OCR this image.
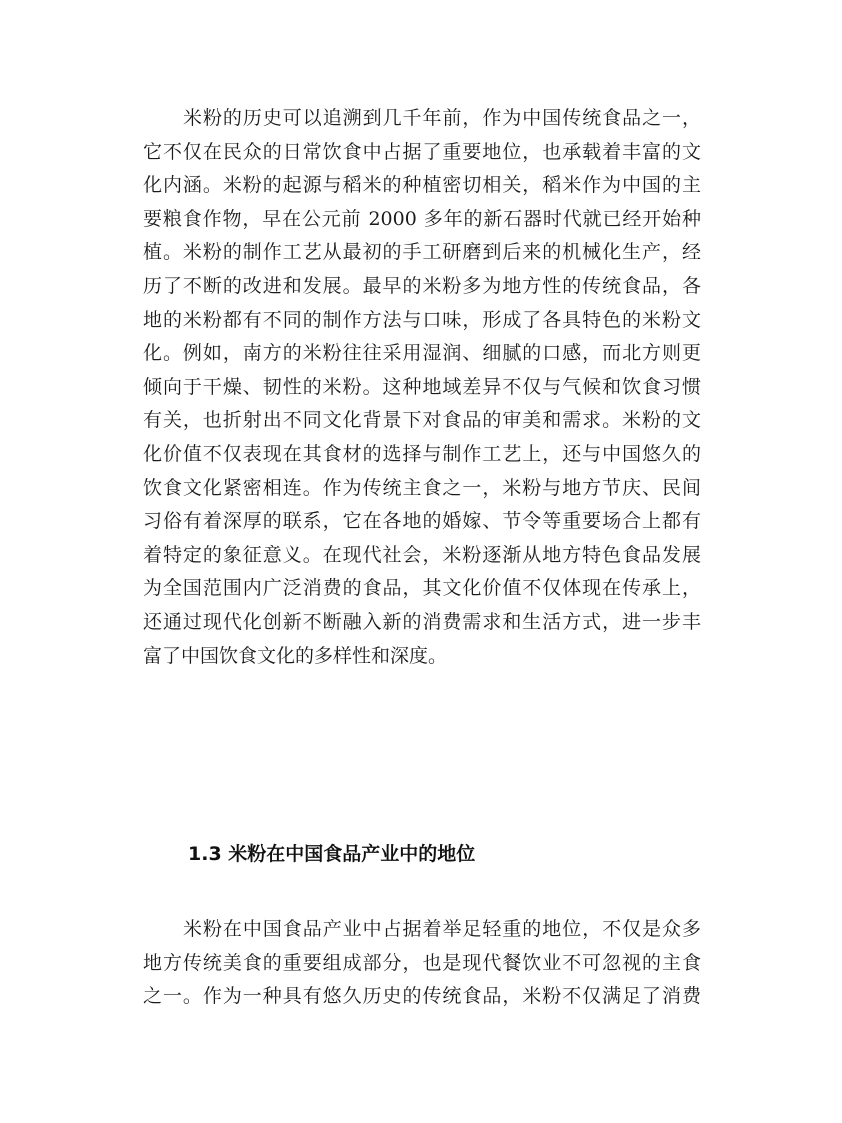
米粉的历史可以追溯到几千年前，作为中国传统食品之一，
它不仅在民众的日常饮食中占据了重要地位，也承载着丰富的文
化内涵。米粉的起源与稻米的种植密切相关，稻米作为中国的主
要粮食作物，早在公元前 2000 多年的新石器时代就已经开始种
植。米粉的制作工艺从最初的手工研磨到后来的机械化生产，经
历了不断的改进和发展。最早的米粉多为地方性的传统食品，各
地的米粉都有不同的制作方法与口味，形成了各具特色的米粉文
化。例如，南方的米粉往往采用湿润、细腻的口感，而北方则更
倾向于干燥、韧性的米粉。这种地域差异不仅与气候和饮食习惯
有关，也折射出不同文化背景下对食品的审美和需求。米粉的文
化价值不仅表现在其食材的选择与制作工艺上，还与中国悠久的
饮食文化紧密相连。作为传统主食之一，米粉与地方节庆、民间
习俗有着深厚的联系，它在各地的婚嫁、节令等重要场合上都有
着特定的象征意义。在现代社会，米粉逐渐从地方特色食品发展
为全国范围内广泛消费的食品，其文化价值不仅体现在传承上，
还通过现代化创新不断融入新的消费需求和生活方式，进一步丰
富了中国饮食文化的多样性和深度。
1.3 米粉在中国食品产业中的地位
米粉在中国食品产业中占据着举足轻重的地位，不仅是众多
地方传统美食的重要组成部分，也是现代餐饮业不可忽视的主食
之一。作为一种具有悠久历史的传统食品，米粉不仅满足了消费
